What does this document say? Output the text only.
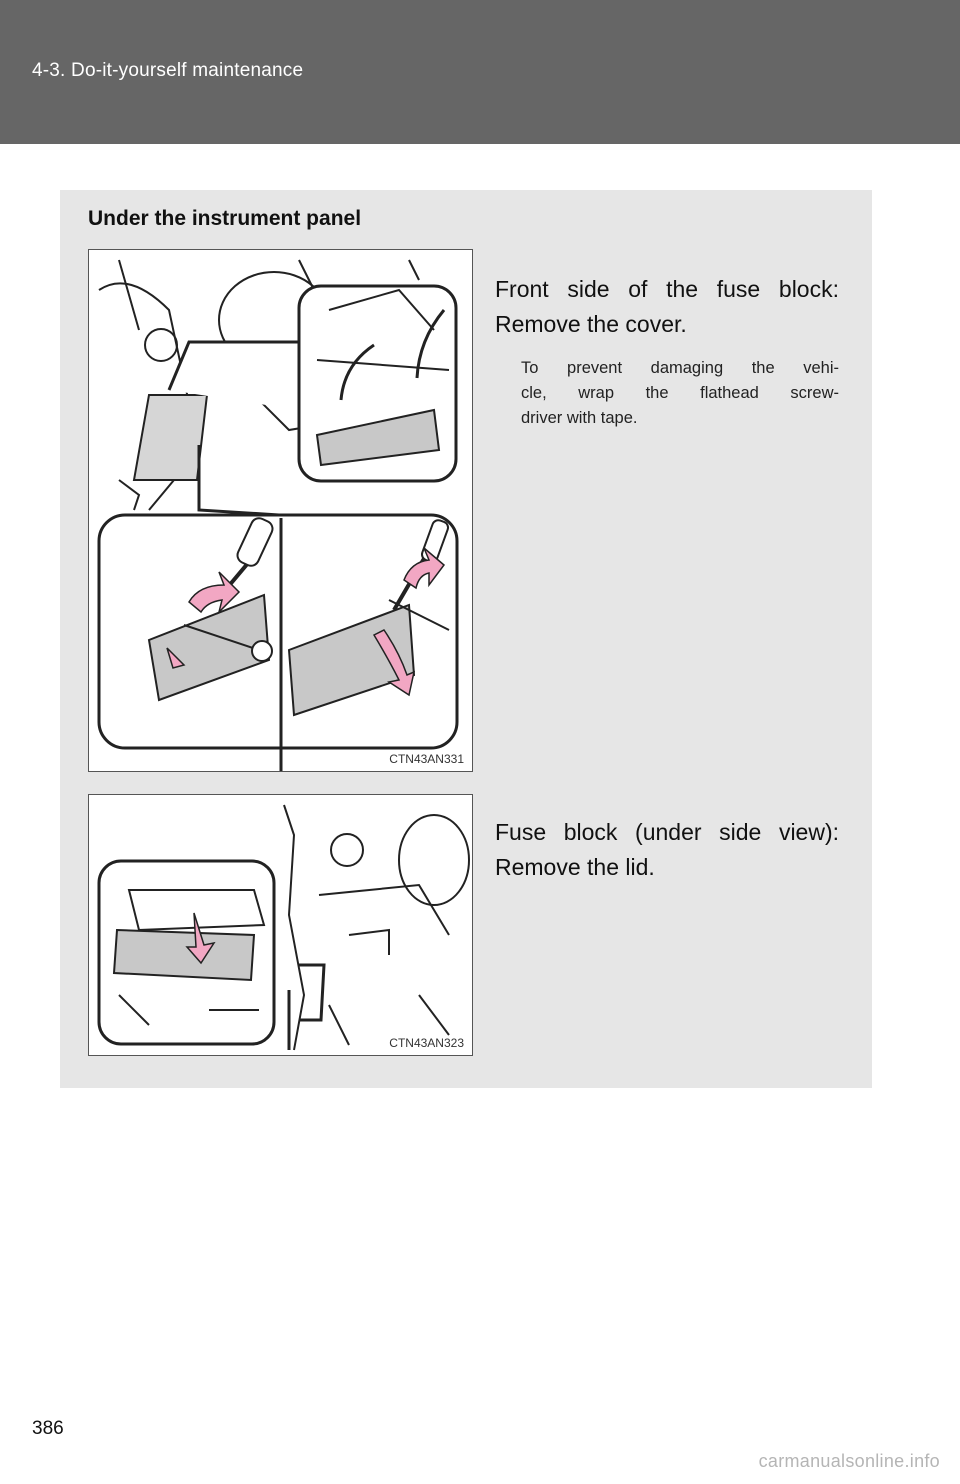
4-3. Do-it-yourself maintenance
Under the instrument panel
CTN43AN331
Front side of the fuse block:
Remove the cover.
To prevent damaging the vehi-
cle, wrap the flathead screw-
driver with tape.
CTN43AN323
Fuse block (under side view):
Remove the lid.
386
carmanualsonline.info
